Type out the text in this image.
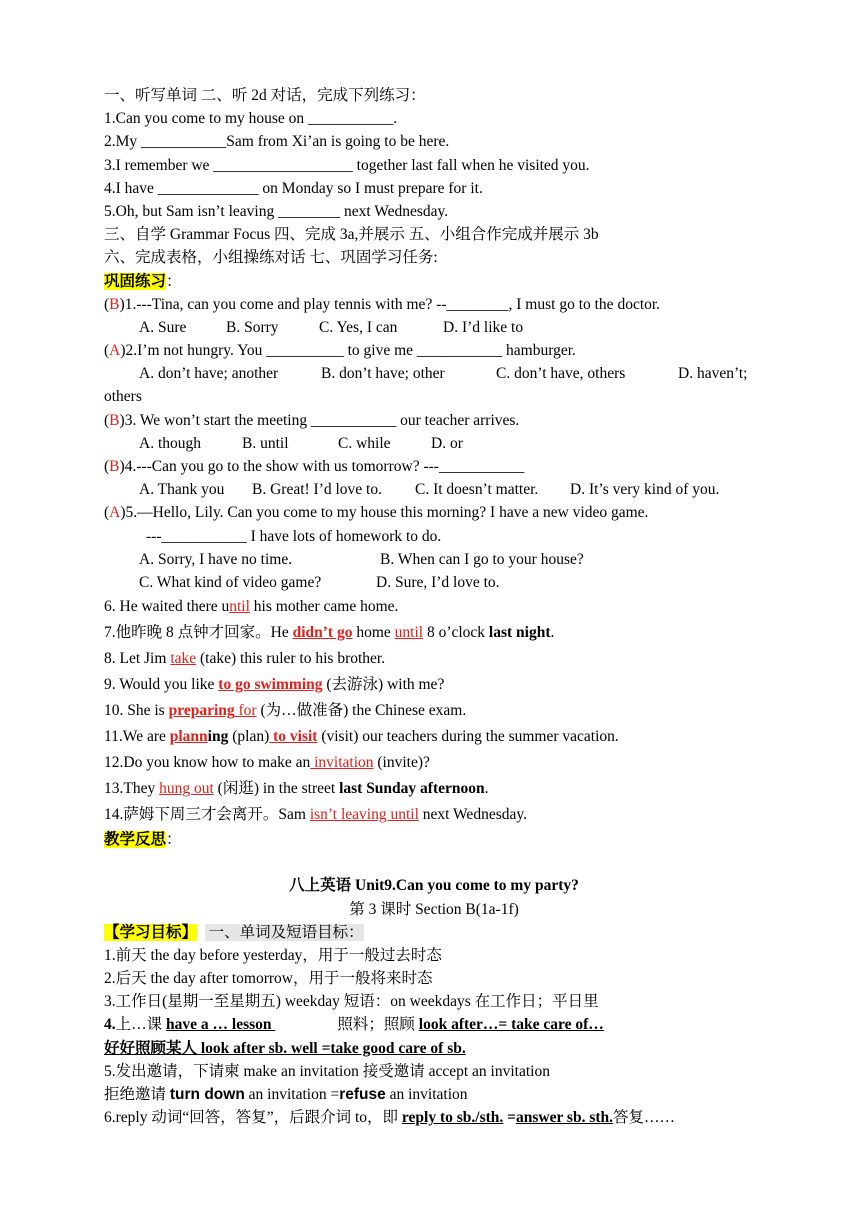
一、听写单词 二、听 2d 对话，完成下列练习：
1.Can you come to my house on ___________.
2.My ___________Sam from Xi’an is going to be here.
3.I remember we __________________ together last fall when he visited you.
4.I have _____________ on Monday so I must prepare for it.
5.Oh, but Sam isn’t leaving ________ next Wednesday.
三、自学 Grammar Focus 四、完成 3a,并展示 五、小组合作完成并展示 3b
六、完成表格，小组操练对话 七、巩固学习任务:
巩固练习：
(B)1.---Tina, can you come and play tennis with me? --________, I must go to the doctor.
A. Sure	B. Sorry	C. Yes, I can	D. I’d like to
(A)2.I’m not hungry. You __________ to give me ___________ hamburger.
A. don’t have; another	B. don’t have; other	C. don’t have, others	D. haven’t;
others
(B)3. We won’t start the meeting ___________ our teacher arrives.
A. though	B. until	C. while	D. or
(B)4.---Can you go to the show with us tomorrow? ---___________
A. Thank you	B. Great! I’d love to.	C. It doesn’t matter.	D. It’s very kind of you.
(A)5.—Hello, Lily. Can you come to my house this morning? I have a new video game.
---___________ I have lots of homework to do.
A. Sorry, I have no time.	B. When can I go to your house?
C. What kind of video game?	D. Sure, I’d love to.
6. He waited there until his mother came home.
7.他昨晚 8 点钟才回家。He didn’t go home until 8 o’clock last night.
8. Let Jim take (take) this ruler to his brother.
9. Would you like to go swimming (去游泳) with me?
10. She is preparing for (为…做准备) the Chinese exam.
11.We are planning (plan) to visit (visit) our teachers during the summer vacation.
12.Do you know how to make an invitation (invite)?
13.They hung out (闲逛) in the street last Sunday afternoon.
14.萨姆下周三才会离开。Sam isn’t leaving until next Wednesday.
教学反思：
八上英语 Unit9.Can you come to my party?
第 3 课时 Section B(1a-1f)
【学习目标】   一、单词及短语目标：
1.前天 the day before yesterday，用于一般过去时态
2.后天 the day after tomorrow，用于一般将来时态
3.工作日(星期一至星期五) weekday 短语：on weekdays 在工作日；平日里
4.上…课 have a … lesson                 照料；照顾 look after…= take care of…
好好照顾某人 look after sb. well =take good care of sb.
5.发出邀请，下请柬 make an invitation 接受邀请 accept an invitation
拒绝邀请 turn down an invitation =refuse an invitation
6.reply 动词“回答，答复”，后跟介词 to，即 reply to sb./sth. =answer sb. sth.答复……
